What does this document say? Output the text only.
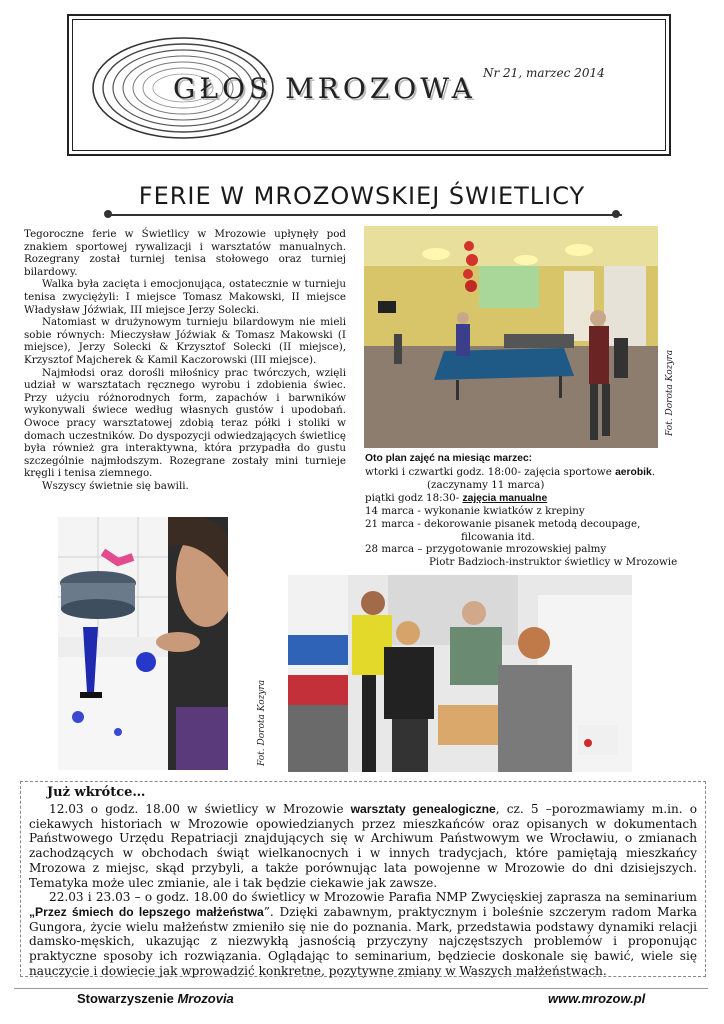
GŁOS MROZOWA Nr 21, marzec 2014
FERIE W MROZOWSKIEJ ŚWIETLICY

Tegoroczne ferie w Świetlicy w Mrozowie upłynęły pod znakiem sportowej rywalizacji i warsztatów manualnych. Rozegrany został turniej tenisa stołowego oraz turniej bilardowy.

Walka była zacięta i emocjonująca, ostatecznie w turnieju tenisa zwyciężyli: I miejsce Tomasz Makowski, II miejsce Władysław Jóźwiak, III miejsce Jerzy Solecki.

Natomiast w drużynowym turnieju bilardowym nie mieli sobie równych: Mieczysław Jóźwiak & Tomasz Makowski (I miejsce), Jerzy Solecki & Krzysztof Solecki (II miejsce), Krzysztof Majcherek & Kamil Kaczorowski (III miejsce).

Najmłodsi oraz dorośli miłośnicy prac twórczych, wzięli udział w warsztatach ręcznego wyrobu i zdobienia świec. Przy użyciu różnorodnych form, zapachów i barwników wykonywali świece według własnych gustów i upodobań. Owoce pracy warsztatowej zdobią teraz półki i stoliki w domach uczestników. Do dyspozycji odwiedzających świetlicę była również gra interaktywna, która przypadła do gustu szczególnie najmłodszym. Rozegrane zostały mini turnieje kręgli i tenisa ziemnego.

Wszyscy świetnie się bawili.

Fot. Dorota Kozyra
Oto plan zajęć na miesiąc marzec:
wtorki i czwartki godz. 18:00- zajęcia sportowe aerobik.
(zaczynamy 11 marca)
piątki godz 18:30- zajęcia manualne
14 marca - wykonanie kwiatków z krepiny
21 marca - dekorowanie pisanek metodą decoupage,
filcowania itd.
28 marca – przygotowanie mrozowskiej palmy
Piotr Badzioch-instruktor świetlicy w Mrozowie
Fot. Dorota Kozyra
Już wkrótce…

12.03 o godz. 18.00 w świetlicy w Mrozowie warsztaty genealogiczne, cz. 5 –porozmawiamy m.in. o ciekawych historiach w Mrozowie opowiedzianych przez mieszkańców oraz opisanych w dokumentach Państwowego Urzędu Repatriacji znajdujących się w Archiwum Państwowym we Wrocławiu, o zmianach zachodzących w obchodach świąt wielkanocnych i w innych tradycjach, które pamiętają mieszkańcy Mrozowa z miejsc, skąd przybyli, a także porównując lata powojenne w Mrozowie do dni dzisiejszych. Tematyka może ulec zmianie, ale i tak będzie ciekawie jak zawsze.

22.03 i 23.03 – o godz. 18.00 do świetlicy w Mrozowie Parafia NMP Zwycięskiej zaprasza na seminarium „Przez śmiech do lepszego małżeństwa”. Dzięki zabawnym, praktycznym i boleśnie szczerym radom Marka Gungora, życie wielu małżeństw zmieniło się nie do poznania. Mark, przedstawia podstawy dynamiki relacji damsko-męskich, ukazując z niezwykłą jasnością przyczyny najczęstszych problemów i proponując praktyczne sposoby ich rozwiązania. Oglądając to seminarium, będziecie doskonale się bawić, wiele się nauczycie i dowiecie jak wprowadzić konkretne, pozytywne zmiany w Waszych małżeństwach.

Stowarzyszenie Mrozovia	www.mrozow.pl
